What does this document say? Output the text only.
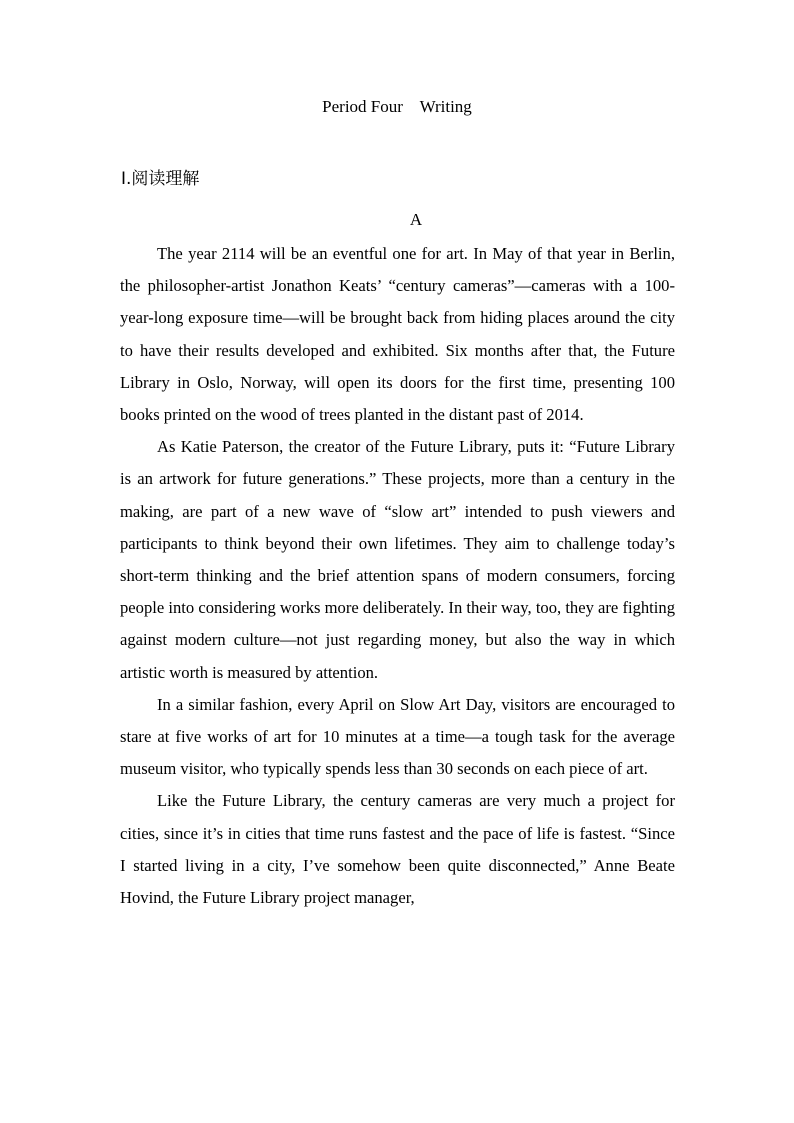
Period Four    Writing
Ⅰ.阅读理解
A

The year 2114 will be an eventful one for art. In May of that year in Berlin, the philosopher-artist Jonathon Keats’ “century cameras”—cameras with a 100-year-long exposure time—will be brought back from hiding places around the city to have their results developed and exhibited. Six months after that, the Future Library in Oslo, Norway, will open its doors for the first time, presenting 100 books printed on the wood of trees planted in the distant past of 2014.

As Katie Paterson, the creator of the Future Library, puts it: “Future Library is an artwork for future generations.” These projects, more than a century in the making, are part of a new wave of “slow art” intended to push viewers and participants to think beyond their own lifetimes. They aim to challenge today’s short-term thinking and the brief attention spans of modern consumers, forcing people into considering works more deliberately. In their way, too, they are fighting against modern culture—not just regarding money, but also the way in which artistic worth is measured by attention.

In a similar fashion, every April on Slow Art Day, visitors are encouraged to stare at five works of art for 10 minutes at a time—a tough task for the average museum visitor, who typically spends less than 30 seconds on each piece of art.

Like the Future Library, the century cameras are very much a project for cities, since it’s in cities that time runs fastest and the pace of life is fastest. “Since I started living in a city, I’ve somehow been quite disconnected,” Anne Beate Hovind, the Future Library project manager,
